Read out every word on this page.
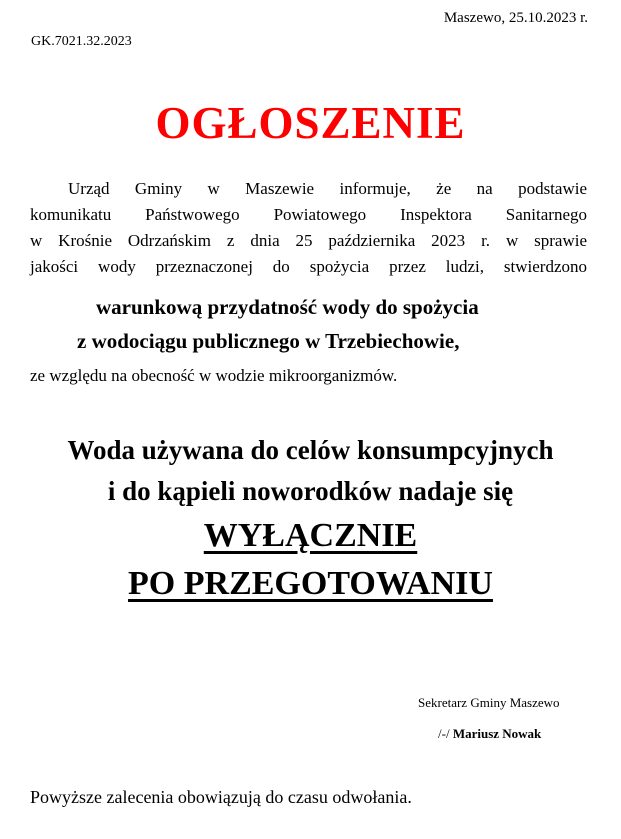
Maszewo, 25.10.2023 r.
GK.7021.32.2023
OGŁOSZENIE
Urząd Gminy w Maszewie informuje, że na podstawie
komunikatu Państwowego Powiatowego Inspektora Sanitarnego
w Krośnie Odrzańskim z dnia 25 października 2023 r. w sprawie
jakości wody przeznaczonej do spożycia przez ludzi, stwierdzono
warunkową przydatność wody do spożycia
z wodociągu publicznego w Trzebiechowie,
ze względu na obecność w wodzie mikroorganizmów.
Woda używana do celów konsumpcyjnych
i do kąpieli noworodków nadaje się
WYŁĄCZNIE
PO PRZEGOTOWANIU
Sekretarz Gminy Maszewo
/-/ Mariusz Nowak
Powyższe zalecenia obowiązują do czasu odwołania.
